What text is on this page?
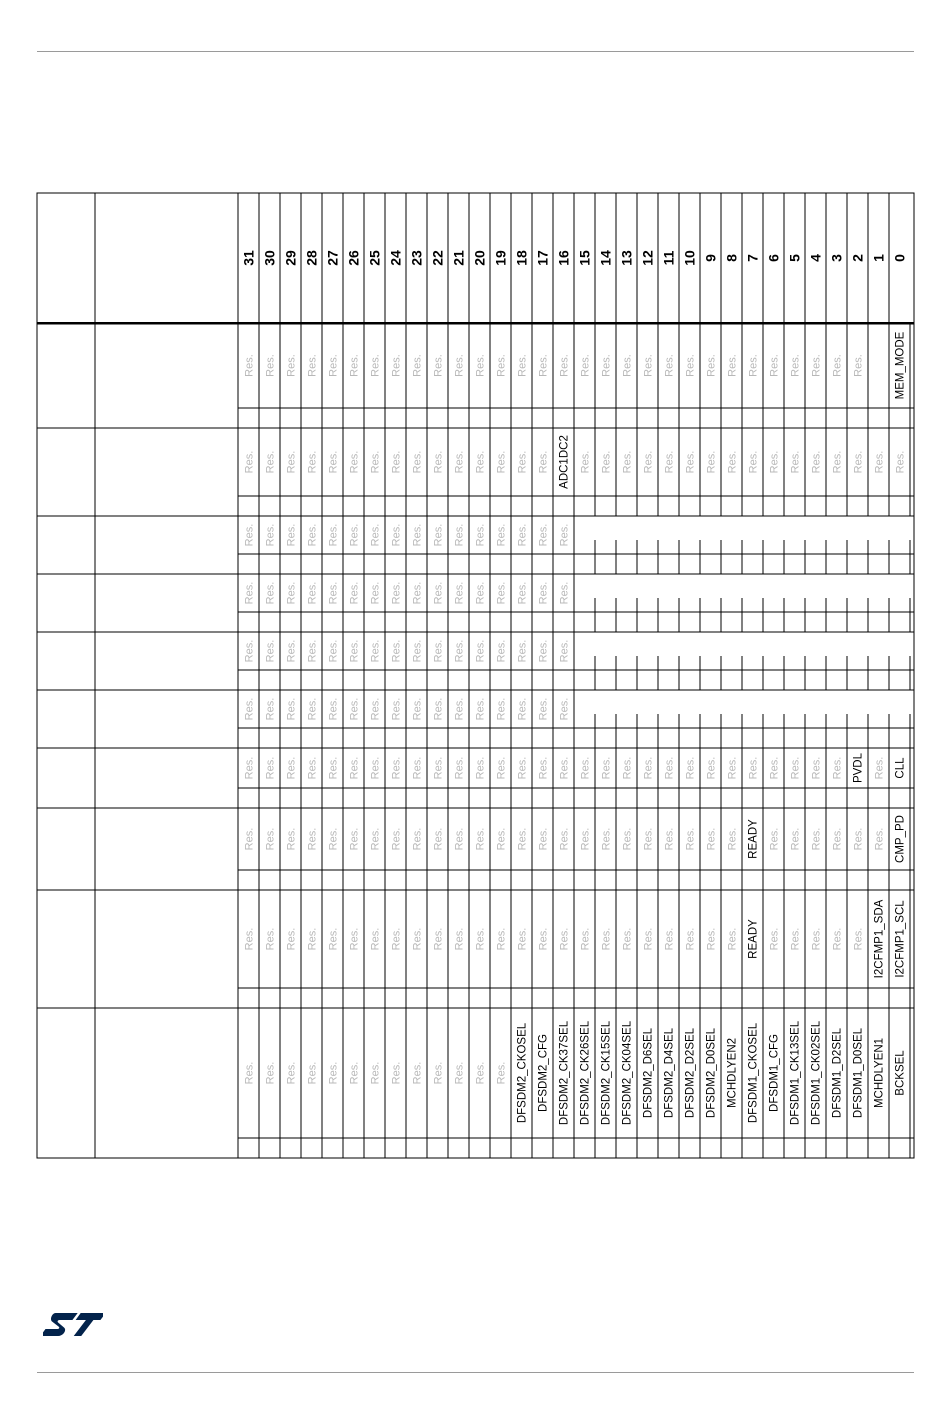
31 30 29 28 27 26 25 24 23 22 21 20 19 18 17 16 15 14 13 12 11 10 9 8 7 6 5 4 3 2 1 0
Res. Res. Res. Res. Res. Res. Res. Res. Res. Res. Res. Res. Res. Res. Res. Res. Res. Res. Res. Res. Res. Res. Res. Res. Res. Res. Res. Res. Res. Res.	MEM_MODE
Res. Res. Res. Res. Res. Res. Res. Res. Res. Res. Res. Res. Res. Res. Res. ADC1DC2 Res. Res. Res. Res. Res. Res. Res. Res. Res. Res. Res. Res. Res. Res. Res. Res.
Res. Res. Res. Res. Res. Res. Res. Res. Res. Res. Res. Res. Res. Res. Res. Res.
Res. Res. Res. Res. Res. Res. Res. Res. Res. Res. Res. Res. Res. Res. Res. Res.
Res. Res. Res. Res. Res. Res. Res. Res. Res. Res. Res. Res. Res. Res. Res. Res.
Res. Res. Res. Res. Res. Res. Res. Res. Res. Res. Res. Res. Res. Res. Res. Res.
Res. Res. Res. Res. Res. Res. Res. Res. Res. Res. Res. Res. Res. Res. Res. Res. Res. Res. Res. Res. Res. Res. Res. Res. Res. Res. Res. Res. Res. PVDL Res. CLL
Res. Res. Res. Res. Res. Res. Res. Res. Res. Res. Res. Res. Res. Res. Res. Res. Res. Res. Res. Res. Res. Res. Res. Res. READY Res. Res. Res. Res. Res. Res. CMP_PD
Res. Res. Res. Res. Res. Res. Res. Res. Res. Res. Res. Res. Res. Res. Res. Res. Res. Res. Res. Res. Res. Res. Res. Res. READY Res. Res. Res. Res. Res. I2CFMP1_SDA I2CFMP1_SCL
Res. Res. Res. Res. Res. Res. Res. Res. Res. Res. Res. Res. Res. DFSDM2_CKOSEL DFSDM2_CFG DFSDM2_CK37SEL DFSDM2_CK26SEL DFSDM2_CK15SEL DFSDM2_CK04SEL DFSDM2_D6SEL DFSDM2_D4SEL DFSDM2_D2SEL DFSDM2_D0SEL MCHDLYEN2 DFSDM1_CKOSEL DFSDM1_CFG DFSDM1_CK13SEL DFSDM1_CK02SEL DFSDM1_D2SEL DFSDM1_D0SEL MCHDLYEN1 BCKSEL
